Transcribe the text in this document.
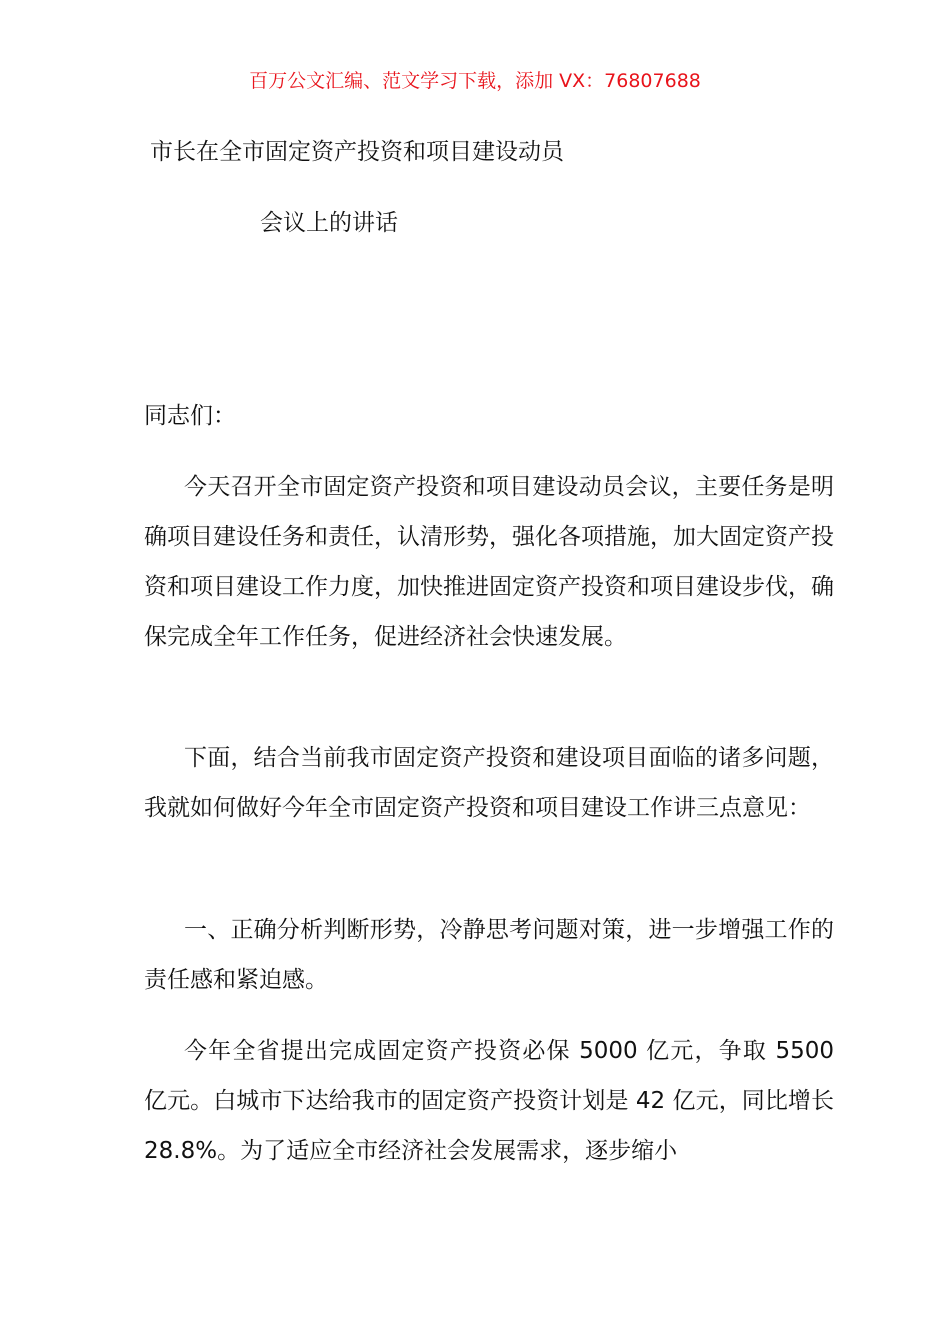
百万公文汇编、范文学习下载，添加 VX：76807688
市长在全市固定资产投资和项目建设动员
会议上的讲话
同志们：

今天召开全市固定资产投资和项目建设动员会议，主要任务是明确项目建设任务和责任，认清形势，强化各项措施，加大固定资产投资和项目建设工作力度，加快推进固定资产投资和项目建设步伐，确保完成全年工作任务，促进经济社会快速发展。

下面，结合当前我市固定资产投资和建设项目面临的诸多问题，我就如何做好今年全市固定资产投资和项目建设工作讲三点意见：

一、正确分析判断形势，冷静思考问题对策，进一步增强工作的责任感和紧迫感。

今年全省提出完成固定资产投资必保 5000 亿元，争取 5500 亿元。白城市下达给我市的固定资产投资计划是 42 亿元，同比增长 28.8%。为了适应全市经济社会发展需求，逐步缩小
